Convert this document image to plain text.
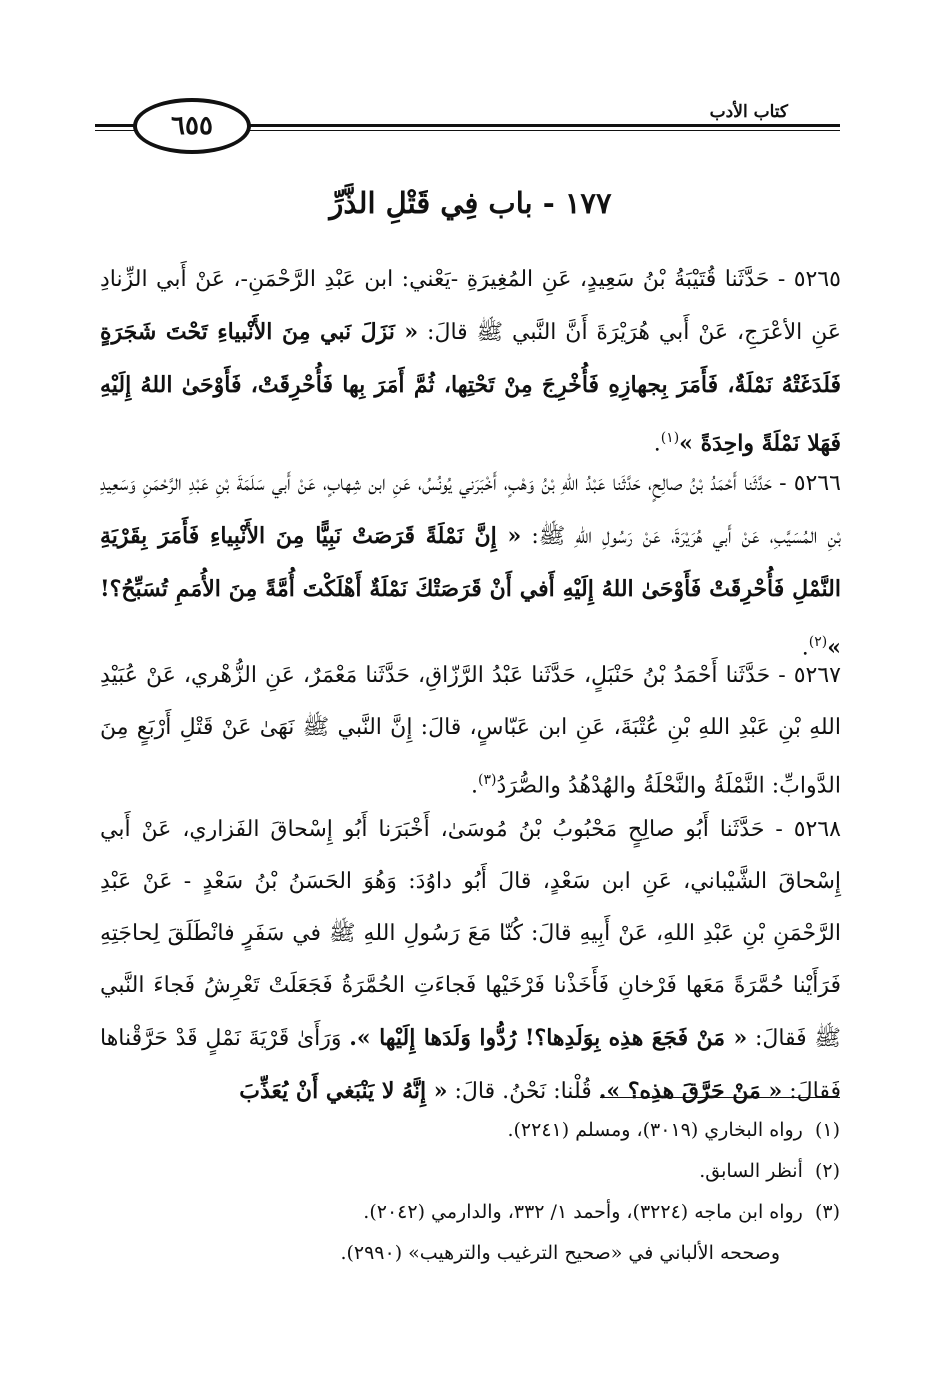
٦٥٥	كتاب الأدب
١٧٧ - باب فِي قَتْلِ الذَّرِّ
٥٢٦٥ - حَدَّثَنا قُتَيْبَةُ بْنُ سَعِيدٍ، عَنِ المُغِيرَةِ -يَعْني: ابن عَبْدِ الرَّحْمَنِ-، عَنْ أَبي الزِّنادِ عَنِ الأعْرَجِ، عَنْ أَبي هُرَيْرَةَ أَنَّ النَّبي ﷺ قالَ: « نَزَلَ نَبي مِنَ الأَنْبياءِ تَحْتَ شَجَرَةٍ فَلَدَغَتْهُ نَمْلَةٌ، فَأَمَرَ بِجهازِهِ فَأُخْرِجَ مِنْ تَحْتِها، ثُمَّ أَمَرَ بِها فَأُحْرِقَتْ، فَأَوْحَىٰ اللهُ إِلَيْهِ فَهَلا نَمْلَةً واحِدَةً »$^{(١)}$.
٥٢٦٦ - حَدَّثَنا أَحْمَدُ بْنُ صالِحٍ، حَدَّثَنا عَبْدُ اللهِ بْنُ وَهْبٍ، أَخْبَرَني يُونُسُ، عَنِ ابن شِهابٍ، عَنْ أَبي سَلَمَةَ بْنِ عَبْدِ الرَّحْمَنِ وَسَعِيدِ بْنِ المُسَيَّبِ، عَنْ أَبي هُرَيْرَةَ، عَنْ رَسُولِ اللهِ ﷺ: « إِنَّ نَمْلَةً قَرَصَتْ نَبِيًّا مِنَ الأَنْبِياءِ فَأَمَرَ بِقَرْيَةِ النَّمْلِ فَأُحْرِقَتْ فَأَوْحَىٰ اللهُ إِلَيْهِ أَفي أَنْ قَرَصَتْكَ نَمْلَةٌ أَهْلَكْتَ أُمَّةً مِنَ الأُمَمِ تُسَبِّحُ؟! »$^{(٢)}$.
٥٢٦٧ - حَدَّثَنا أَحْمَدُ بْنُ حَنْبَلٍ، حَدَّثَنا عَبْدُ الرَّزّاقِ، حَدَّثَنا مَعْمَرٌ، عَنِ الزُّهْري، عَنْ عُبَيْدِ اللهِ بْنِ عَبْدِ اللهِ بْنِ عُتْبَةَ، عَنِ ابن عَبّاسٍ، قالَ: إِنَّ النَّبي ﷺ نَهَىٰ عَنْ قَتْلِ أَرْبَعٍ مِنَ الدَّوابِّ: النَّمْلَةُ والنَّحْلَةُ والهُدْهُدُ والصُّرَدُ$^{(٣)}$.
٥٢٦٨ - حَدَّثَنا أَبُو صالِحٍ مَحْبُوبُ بْنُ مُوسَىٰ، أَخْبَرَنا أَبُو إِسْحاقَ الفَزاري، عَنْ أَبي إِسْحاقَ الشَّيْباني، عَنِ ابن سَعْدٍ، قالَ أَبُو داوُدَ: وَهُوَ الحَسَنُ بْنُ سَعْدٍ - عَنْ عَبْدِ الرَّحْمَنِ بْنِ عَبْدِ اللهِ، عَنْ أَبِيهِ قالَ: كُنّا مَعَ رَسُولِ اللهِ ﷺ في سَفَرٍ فانْطَلَقَ لِحاجَتِهِ فَرَأَيْنا حُمَّرَةً مَعَها فَرْخانِ فَأَخَذْنا فَرْخَيْها فَجاءَتِ الحُمَّرَةُ فَجَعَلَتْ تَعْرِشُ فَجاءَ النَّبي ﷺ فَقالَ: « مَنْ فَجَعَ هذِه بِوَلَدِها؟! رُدُّوا وَلَدَها إِلَيْها ». وَرَأَىٰ قَرْيَةَ نَمْلٍ قَدْ حَرَّقْناها فَقالَ: « مَنْ حَرَّقَ هذِه؟ ». قُلْنا: نَحْنُ. قالَ: « إِنَّهُ لا يَنْبَغي أَنْ يُعَذِّبَ
(١)  رواه البخاري (٣٠١٩)، ومسلم (٢٢٤١).
(٢)  أنظر السابق.
(٣)  رواه ابن ماجه (٣٢٢٤)، وأحمد ١/ ٣٣٢، والدارمي (٢٠٤٢).
وصححه الألباني في «صحيح الترغيب والترهيب» (٢٩٩٠).
